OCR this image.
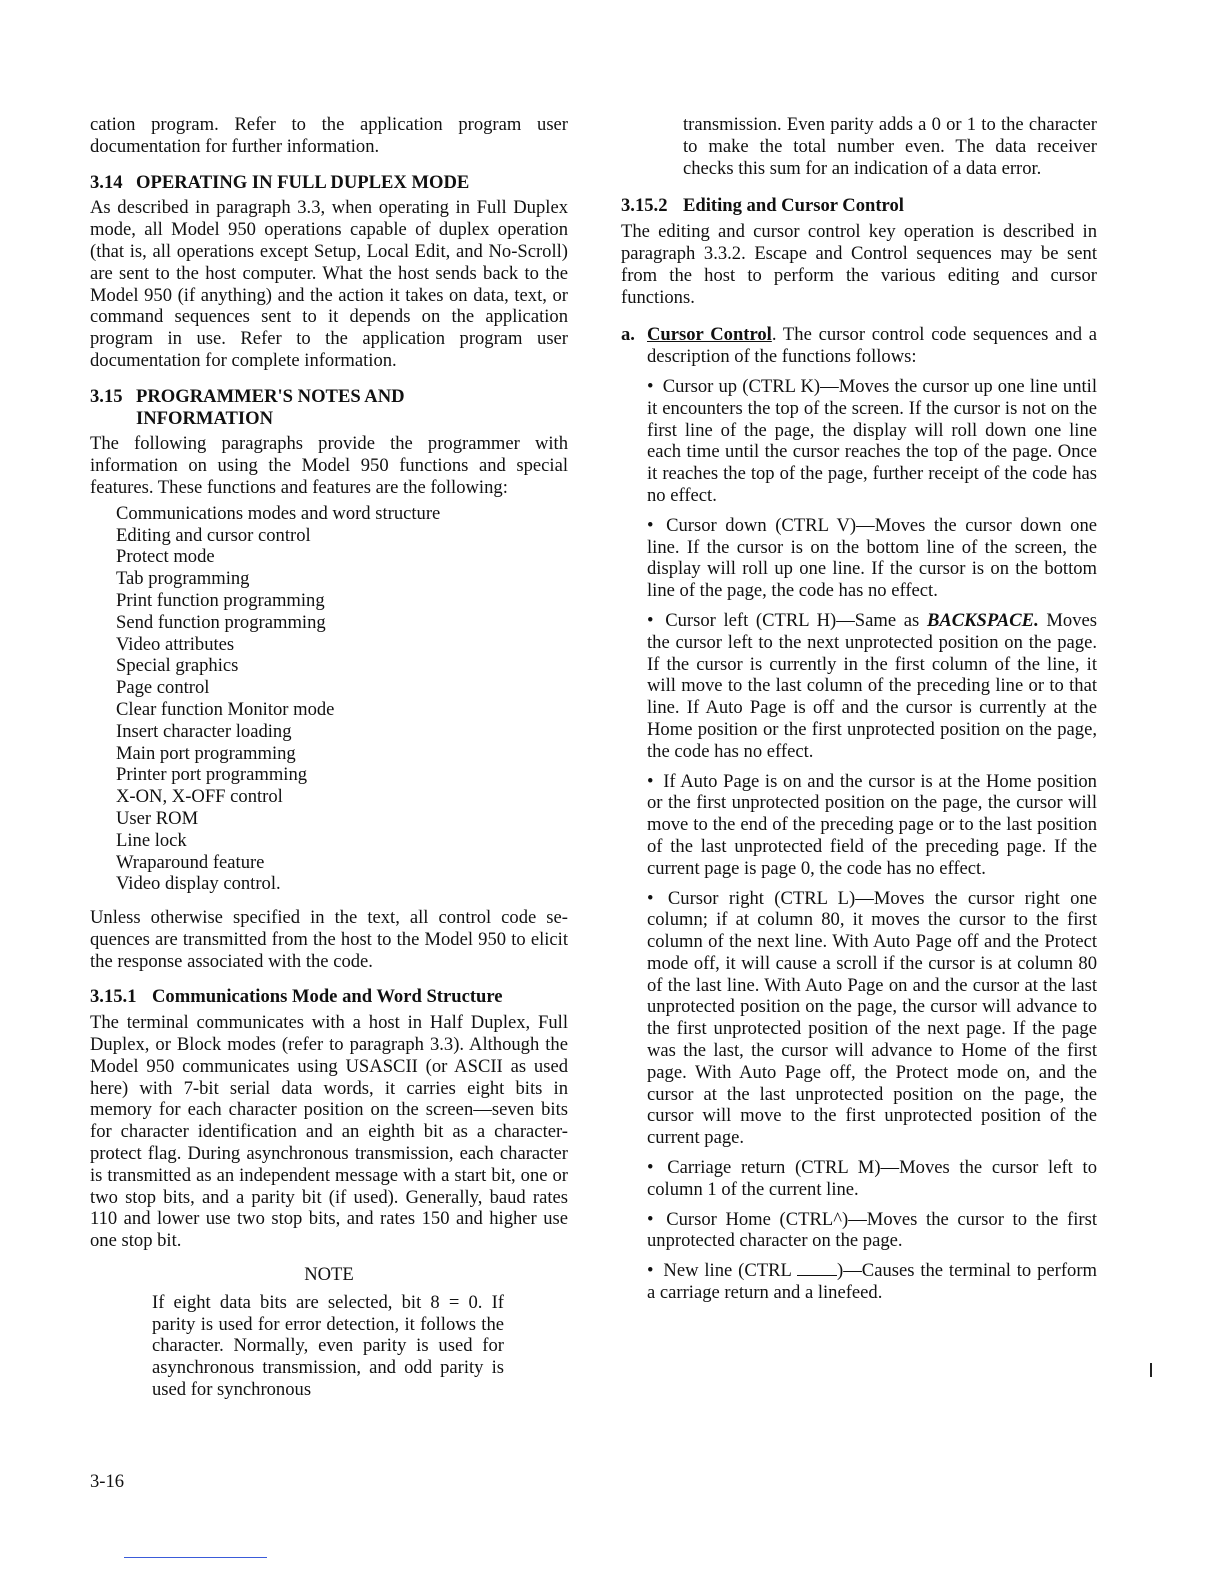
cation program. Refer to the application program user documentation for further information.

3.14 OPERATING IN FULL DUPLEX MODE

As described in paragraph 3.3, when operating in Full Duplex mode, all Model 950 operations capable of duplex operation (that is, all operations except Setup, Local Edit, and No-Scroll) are sent to the host computer. What the host sends back to the Model 950 (if anything) and the action it takes on data, text, or command sequences sent to it depends on the application program in use. Refer to the application program user documentation for complete information.

3.15 PROGRAMMER'S NOTES AND
INFORMATION

The following paragraphs provide the programmer with information on using the Model 950 functions and special features. These functions and features are the following:

Communications modes and word structure
Editing and cursor control
Protect mode
Tab programming
Print function programming
Send function programming
Video attributes
Special graphics
Page control
Clear function Monitor mode
Insert character loading
Main port programming
Printer port programming
X-ON, X-OFF control
User ROM
Line lock
Wraparound feature
Video display control.

Unless otherwise specified in the text, all control code sequences are transmitted from the host to the Model 950 to elicit the response associated with the code.

3.15.1 Communications Mode and Word Structure

The terminal communicates with a host in Half Duplex, Full Duplex, or Block modes (refer to paragraph 3.3). Although the Model 950 communicates using USASCII (or ASCII as used here) with 7-bit serial data words, it carries eight bits in memory for each character position on the screen—seven bits for character identification and an eighth bit as a character-protect flag. During asynchronous transmission, each character is transmitted as an independent message with a start bit, one or two stop bits, and a parity bit (if used). Generally, baud rates 110 and lower use two stop bits, and rates 150 and higher use one stop bit.

NOTE

If eight data bits are selected, bit 8 = 0. If parity is used for error detection, it follows the character. Normally, even parity is used for asynchronous transmission, and odd parity is used for synchronous

transmission. Even parity adds a 0 or 1 to the character to make the total number even. The data receiver checks this sum for an indication of a data error.

3.15.2 Editing and Cursor Control

The editing and cursor control key operation is described in paragraph 3.3.2. Escape and Control sequences may be sent from the host to perform the various editing and cursor functions.

a. Cursor Control. The cursor control code sequences and a description of the functions follows:

• Cursor up (CTRL K)—Moves the cursor up one line until it encounters the top of the screen. If the cursor is not on the first line of the page, the display will roll down one line each time until the cursor reaches the top of the page. Once it reaches the top of the page, further receipt of the code has no effect.

• Cursor down (CTRL V)—Moves the cursor down one line. If the cursor is on the bottom line of the screen, the display will roll up one line. If the cursor is on the bottom line of the page, the code has no effect.

• Cursor left (CTRL H)—Same as BACKSPACE. Moves the cursor left to the next unprotected position on the page. If the cursor is currently in the first column of the line, it will move to the last column of the preceding line or to that line. If Auto Page is off and the cursor is currently at the Home position or the first unprotected position on the page, the code has no effect.

• If Auto Page is on and the cursor is at the Home position or the first unprotected position on the page, the cursor will move to the end of the preceding page or to the last position of the last unprotected field of the preceding page. If the current page is page 0, the code has no effect.

• Cursor right (CTRL L)—Moves the cursor right one column; if at column 80, it moves the cursor to the first column of the next line. With Auto Page off and the Protect mode off, it will cause a scroll if the cursor is at column 80 of the last line. With Auto Page on and the cursor at the last unprotected position on the page, the cursor will advance to the first unprotected position of the next page. If the page was the last, the cursor will advance to Home of the first page. With Auto Page off, the Protect mode on, and the cursor at the last unprotected position on the page, the cursor will move to the first unprotected position of the current page.

• Carriage return (CTRL M)—Moves the cursor left to column 1 of the current line.

• Cursor Home (CTRL^)—Moves the cursor to the first unprotected character on the page.

• New line (CTRL )—Causes the terminal to perform a carriage return and a linefeed.

3-16
